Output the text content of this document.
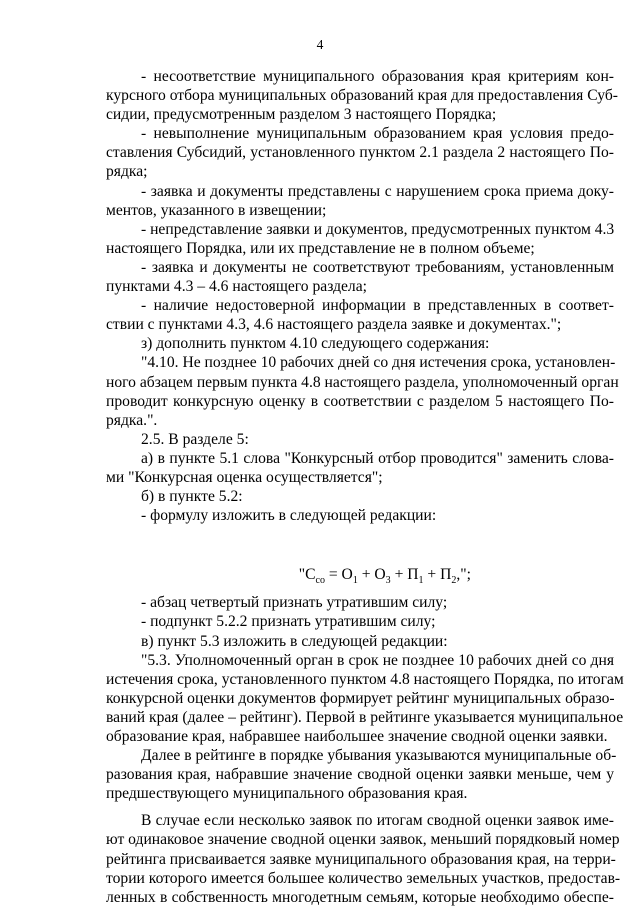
4
- несоответствие муниципального образования края критериям кон-
курсного отбора муниципальных образований края для предоставления Суб-
сидии, предусмотренным разделом 3 настоящего Порядка;
- невыполнение муниципальным образованием края условия предо-
ставления Субсидий, установленного пунктом 2.1 раздела 2 настоящего По-
рядка;
- заявка и документы представлены с нарушением срока приема доку-
ментов, указанного в извещении;
- непредставление заявки и документов, предусмотренных пунктом 4.3
настоящего Порядка, или их представление не в полном объеме;
- заявка и документы не соответствуют требованиям, установленным
пунктами 4.3 – 4.6 настоящего раздела;
- наличие недостоверной информации в представленных в соответ-
ствии с пунктами 4.3, 4.6 настоящего раздела заявке и документах.";
з) дополнить пунктом 4.10 следующего содержания:
"4.10. Не позднее 10 рабочих дней со дня истечения срока, установлен-
ного абзацем первым пункта 4.8 настоящего раздела, уполномоченный орган
проводит конкурсную оценку в соответствии с разделом 5 настоящего По-
рядка.".
2.5. В разделе 5:
а) в пункте 5.1 слова "Конкурсный отбор проводится" заменить слова-
ми "Конкурсная оценка осуществляется";
б) в пункте 5.2:
- формулу изложить в следующей редакции:
"$С_{со} = О_1 + О_3 + П_1 + П_2$,";
- абзац четвертый признать утратившим силу;
- подпункт 5.2.2 признать утратившим силу;
в) пункт 5.3 изложить в следующей редакции:
"5.3. Уполномоченный орган в срок не позднее 10 рабочих дней со дня
истечения срока, установленного пунктом 4.8 настоящего Порядка, по итогам
конкурсной оценки документов формирует рейтинг муниципальных образо-
ваний края (далее – рейтинг). Первой в рейтинге указывается муниципальное
образование края, набравшее наибольшее значение сводной оценки заявки.
Далее в рейтинге в порядке убывания указываются муниципальные об-
разования края, набравшие значение сводной оценки заявки меньше, чем у
предшествующего муниципального образования края.
В случае если несколько заявок по итогам сводной оценки заявок име-
ют одинаковое значение сводной оценки заявок, меньший порядковый номер
рейтинга присваивается заявке муниципального образования края, на терри-
тории которого имеется большее количество земельных участков, предостав-
ленных в собственность многодетным семьям, которые необходимо обеспе-
